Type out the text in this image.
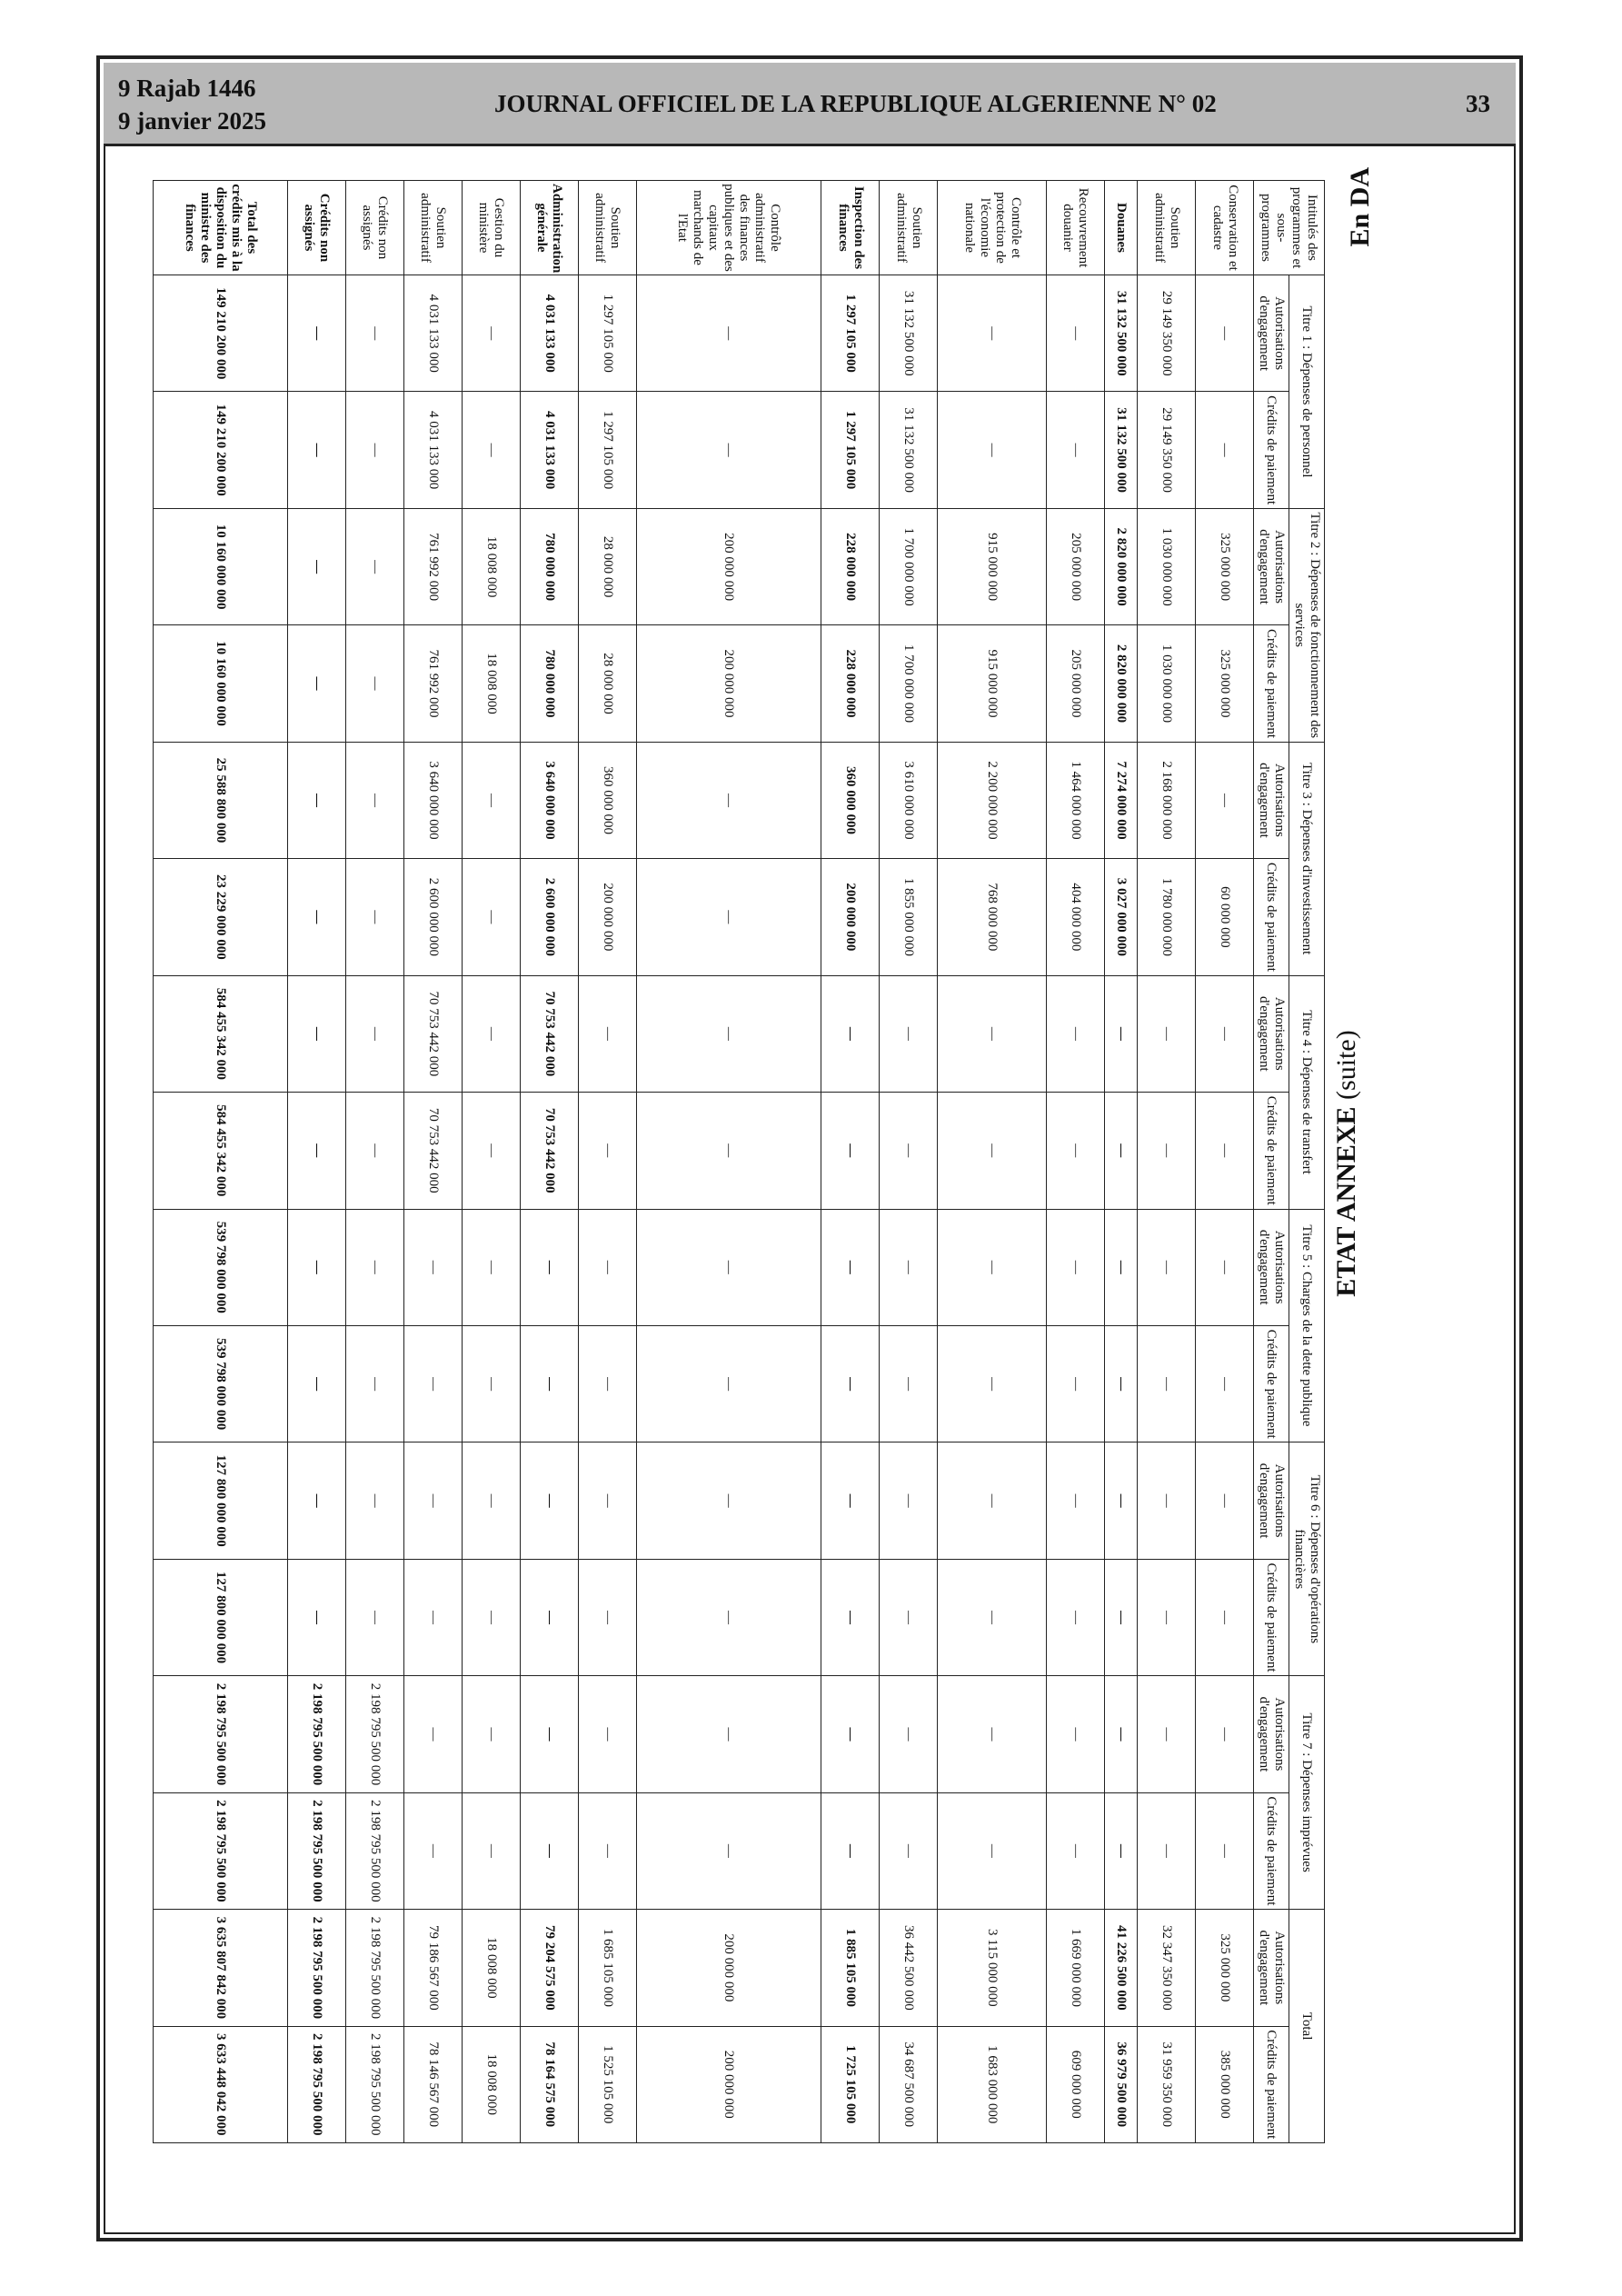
9 Rajab 1446
9 janvier 2025
JOURNAL OFFICIEL DE LA REPUBLIQUE ALGERIENNE N° 02	33
ETAT ANNEXE (suite)
En DA
Intitulés des programmes et sous-programmes	Titre 1 : Dépenses de personnel		Titre 2 : Dépenses de fonctionnement des services		Titre 3 : Dépenses d'investissement		Titre 4 : Dépenses de transfert		Titre 5 : Charges de la dette publique		Titre 6 : Dépenses d'opérations financières		Titre 7 : Dépenses imprévues		Total	
	Autorisations d'engagement	Crédits de paiement	Autorisations d'engagement	Crédits de paiement	Autorisations d'engagement	Crédits de paiement	Autorisations d'engagement	Crédits de paiement	Autorisations d'engagement	Crédits de paiement	Autorisations d'engagement	Crédits de paiement	Autorisations d'engagement	Crédits de paiement	Autorisations d'engagement	Crédits de paiement
Conservation et cadastre	—	—	325 000 000	325 000 000	—	60 000 000	—	—	—	—	—	—	—	—	325 000 000	385 000 000
Soutien administratif	29 149 350 000	29 149 350 000	1 030 000 000	1 030 000 000	2 168 000 000	1 780 000 000	—	—	—	—	—	—	—	—	32 347 350 000	31 959 350 000
Douanes	31 132 500 000	31 132 500 000	2 820 000 000	2 820 000 000	7 274 000 000	3 027 000 000	—	—	—	—	—	—	—	—	41 226 500 000	36 979 500 000
Recouvrement douanier	—	—	205 000 000	205 000 000	1 464 000 000	404 000 000	—	—	—	—	—	—	—	—	1 669 000 000	609 000 000
Contrôle et protection de l'économie nationale	—	—	915 000 000	915 000 000	2 200 000 000	768 000 000	—	—	—	—	—	—	—	—	3 115 000 000	1 683 000 000
Soutien administratif	31 132 500 000	31 132 500 000	1 700 000 000	1 700 000 000	3 610 000 000	1 855 000 000	—	—	—	—	—	—	—	—	36 442 500 000	34 687 500 000
Inspection des finances	1 297 105 000	1 297 105 000	228 000 000	228 000 000	360 000 000	200 000 000	—	—	—	—	—	—	—	—	1 885 105 000	1 725 105 000
Contrôle administratif des finances publiques et des capitaux marchands de l'Etat	—	—	200 000 000	200 000 000	—	—	—	—	—	—	—	—	—	—	200 000 000	200 000 000
Soutien administratif	1 297 105 000	1 297 105 000	28 000 000	28 000 000	360 000 000	200 000 000	—	—	—	—	—	—	—	—	1 685 105 000	1 525 105 000
Administration générale	4 031 133 000	4 031 133 000	780 000 000	780 000 000	3 640 000 000	2 600 000 000	70 753 442 000	70 753 442 000	—	—	—	—	—	—	79 204 575 000	78 164 575 000
Gestion du ministère	—	—	18 008 000	18 008 000	—	—	—	—	—	—	—	—	—	—	18 008 000	18 008 000
Soutien administratif	4 031 133 000	4 031 133 000	761 992 000	761 992 000	3 640 000 000	2 600 000 000	70 753 442 000	70 753 442 000	—	—	—	—	—	—	79 186 567 000	78 146 567 000
Crédits non assignés	—	—	—	—	—	—	—	—	—	—	—	—	2 198 795 500 000	2 198 795 500 000	2 198 795 500 000	2 198 795 500 000
Crédits non assignés	—	—	—	—	—	—	—	—	—	—	—	—	2 198 795 500 000	2 198 795 500 000	2 198 795 500 000	2 198 795 500 000
Total des crédits mis à la disposition du ministre des finances	149 210 200 000	149 210 200 000	10 160 000 000	10 160 000 000	25 588 800 000	23 229 000 000	584 455 342 000	584 455 342 000	539 798 000 000	539 798 000 000	127 800 000 000	127 800 000 000	2 198 795 500 000	2 198 795 500 000	3 635 807 842 000	3 633 448 042 000
